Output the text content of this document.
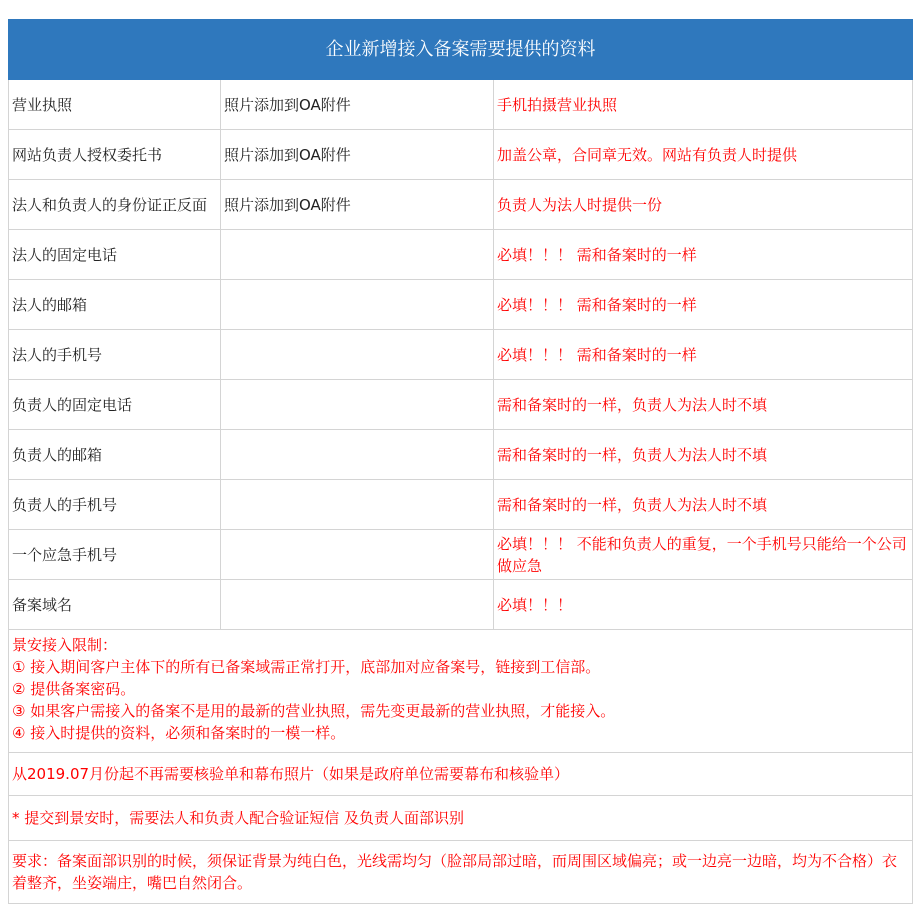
企业新增接入备案需要提供的资料		
营业执照	照片添加到OA附件	手机拍摄营业执照
网站负责人授权委托书	照片添加到OA附件	加盖公章，合同章无效。网站有负责人时提供
法人和负责人的身份证正反面	照片添加到OA附件	负责人为法人时提供一份
法人的固定电话		必填！！！ 需和备案时的一样
法人的邮箱		必填！！！ 需和备案时的一样
法人的手机号		必填！！！ 需和备案时的一样
负责人的固定电话		需和备案时的一样，负责人为法人时不填
负责人的邮箱		需和备案时的一样，负责人为法人时不填
负责人的手机号		需和备案时的一样，负责人为法人时不填
一个应急手机号		必填！！！ 不能和负责人的重复，一个手机号只能给一个公司做应急
备案域名		必填！！！

景安接入限制：
① 接入期间客户主体下的所有已备案域需正常打开，底部加对应备案号，链接到工信部。
② 提供备案密码。
③ 如果客户需接入的备案不是用的最新的营业执照，需先变更最新的营业执照，才能接入。
④ 接入时提供的资料，必须和备案时的一模一样。		

从2019.07月份起不再需要核验单和幕布照片（如果是政府单位需要幕布和核验单）		
* 提交到景安时，需要法人和负责人配合验证短信 及负责人面部识别		
要求：备案面部识别的时候，须保证背景为纯白色，光线需均匀（脸部局部过暗，而周围区域偏亮；或一边亮一边暗，均为不合格）衣着整齐，坐姿端庄，嘴巴自然闭合。		
